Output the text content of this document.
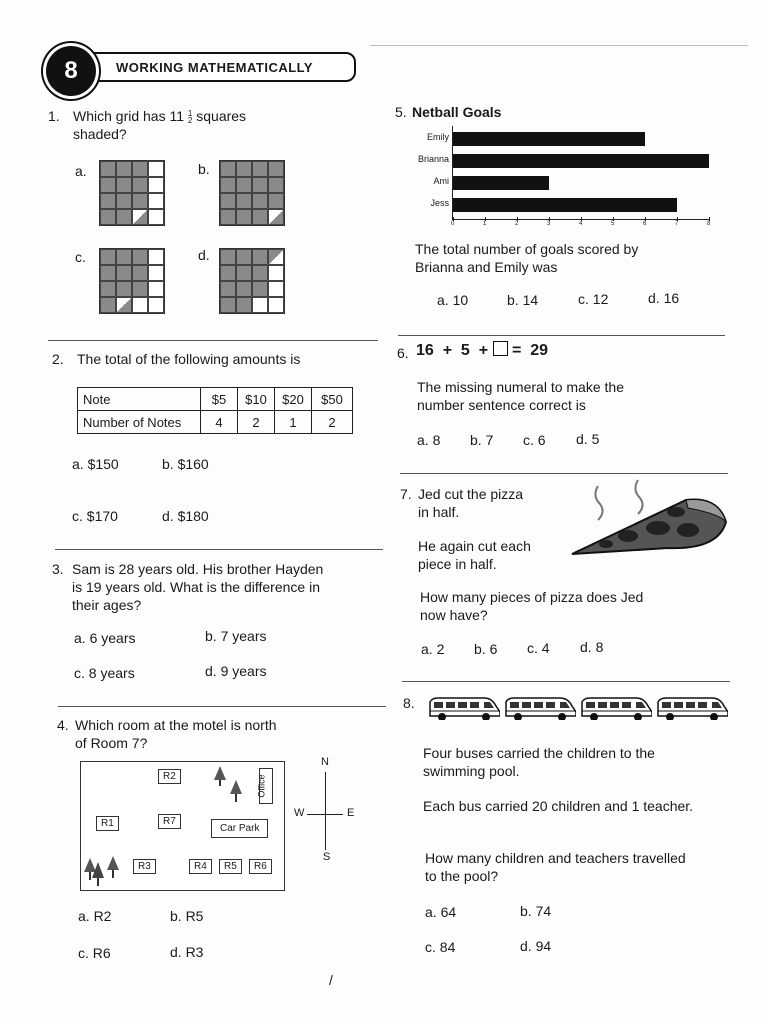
8	WORKING MATHEMATICALLY
1. Which grid has 11 1
2 squares
shaded?
a.	b.
c.	d.
2. The total of the following amounts is
Note	$5	$10	$20	$50
Number of Notes	4	2	1	2
a. $150	b. $160
c. $170	d. $180
3. Sam is 28 years old. His brother Hayden
is 19 years old. What is the difference in
their ages?
a. 6 years	b. 7 years
c. 8 years	d. 9 years
4. Which room at the motel is north
of Room 7?
R2
R1	R7
Car Park
R3	R4	R5	R6
Office
N
W	E
S
a. R2	b. R5
c. R6	d. R3
5. Netball Goals
Emily
Brianna
Ami
Jess
0	1	2	3	4	5	6	7	8
The total number of goals scored by
Brianna and Emily was
a. 10	b. 14	c. 12	d. 16
6. 16  +  5  + =  29
The missing numeral to make the
number sentence correct is
a. 8 b. 7 c. 6 d. 5
7. Jed cut the pizza
in half.
He again cut each
piece in half.
How many pieces of pizza does Jed
now have?
a. 2 b. 6 c. 4 d. 8
8.
Four buses carried the children to the
swimming pool.
Each bus carried 20 children and 1 teacher.
How many children and teachers travelled
to the pool?
a. 64	b. 74
c. 84	d. 94
/
